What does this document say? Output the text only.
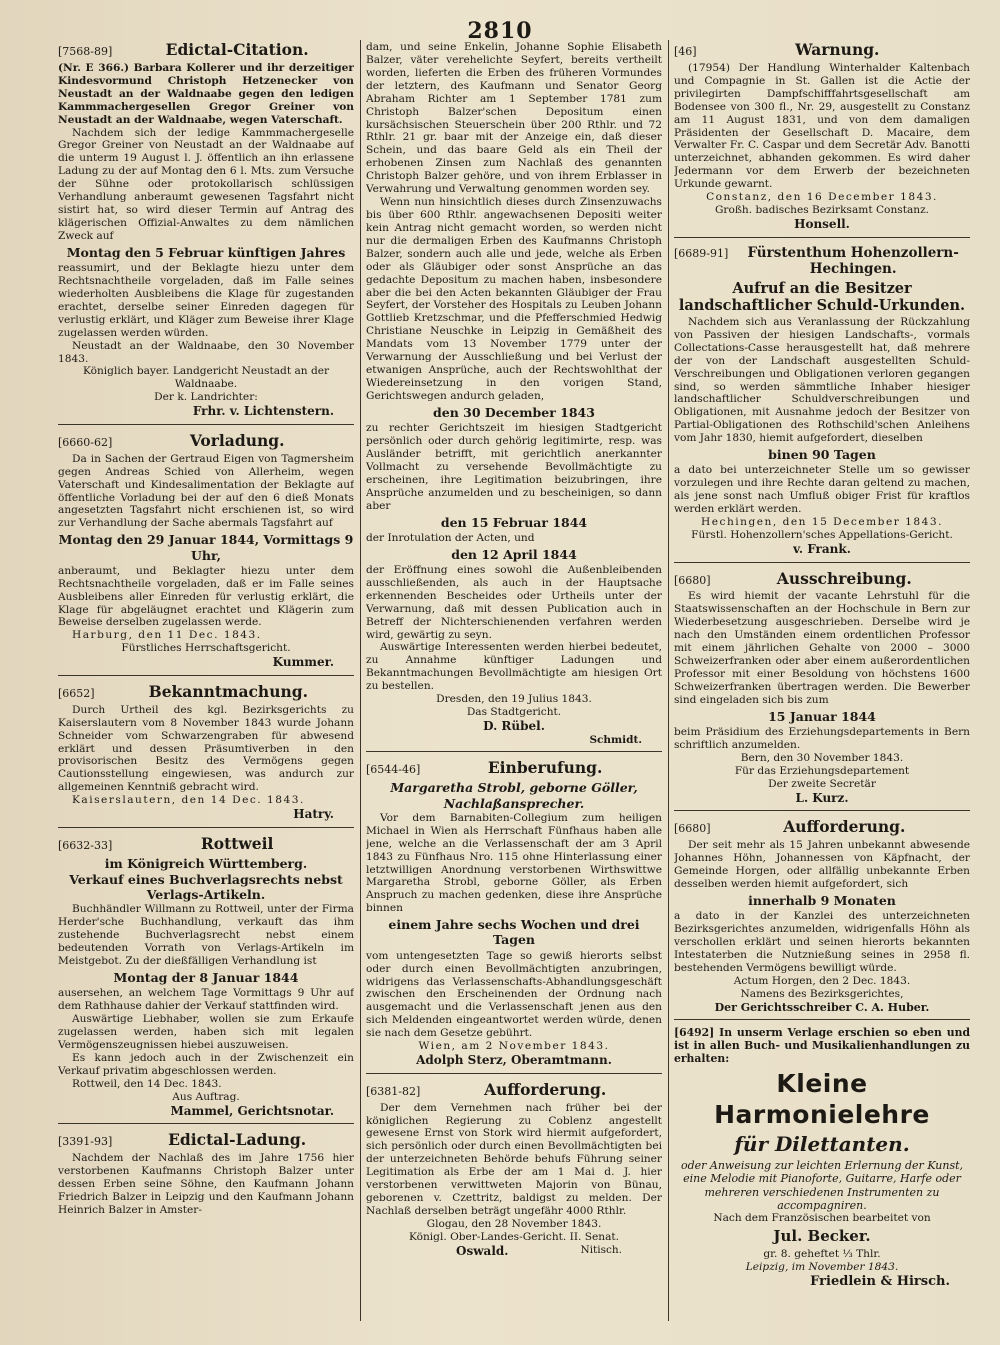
2810
[7568-89]	Edictal-Citation.

(Nr. E 366.) Barbara Kollerer und ihr derzeitiger Kindesvormund Christoph Hetzenecker von Neustadt an der Waldnaabe gegen den ledigen Kammmachergesellen Gregor Greiner von Neustadt an der Waldnaabe, wegen Vaterschaft.

Nachdem sich der ledige Kammmachergeselle Gregor Greiner von Neustadt an der Waldnaabe auf die unterm 19 August l. J. öffentlich an ihn erlassene Ladung zu der auf Montag den 6 l. Mts. zum Versuche der Sühne oder protokollarisch schlüssigen Verhandlung anberaumt gewesenen Tagsfahrt nicht sistirt hat, so wird dieser Termin auf Antrag des klägerischen Offizial-Anwaltes zu dem nämlichen Zweck auf

Montag den 5 Februar künftigen Jahres

reassumirt, und der Beklagte hiezu unter dem Rechtsnachtheile vorgeladen, daß im Falle seines wiederholten Ausbleibens die Klage für zugestanden erachtet, derselbe seiner Einreden dagegen für verlustig erklärt, und Kläger zum Beweise ihrer Klage zugelassen werden würden.

Neustadt an der Waldnaabe, den 30 November 1843.

Königlich bayer. Landgericht Neustadt an der Waldnaabe.
Der k. Landrichter:
Frhr. v. Lichtenstern.
[6660-62]	Vorladung.

Da in Sachen der Gertraud Eigen von Tagmersheim gegen Andreas Schied von Allerheim, wegen Vaterschaft und Kindesalimentation der Beklagte auf öffentliche Vorladung bei der auf den 6 dieß Monats angesetzten Tagsfahrt nicht erschienen ist, so wird zur Verhandlung der Sache abermals Tagsfahrt auf

Montag den 29 Januar 1844, Vormittags 9 Uhr,

anberaumt, und Beklagter hiezu unter dem Rechtsnachtheile vorgeladen, daß er im Falle seines Ausbleibens aller Einreden für verlustig erklärt, die Klage für abgeläugnet erachtet und Klägerin zum Beweise derselben zugelassen werde.

Harburg, den 11 Dec. 1843.

Fürstliches Herrschaftsgericht.
Kummer.
[6652]	Bekanntmachung.

Durch Urtheil des kgl. Bezirksgerichts zu Kaiserslautern vom 8 November 1843 wurde Johann Schneider vom Schwarzengraben für abwesend erklärt und dessen Präsumtiverben in den provisorischen Besitz des Vermögens gegen Cautionsstellung eingewiesen, was andurch zur allgemeinen Kenntniß gebracht wird.

Kaiserslautern, den 14 Dec. 1843.

Hatry.
[6632-33]	Rottweil
im Königreich Württemberg.
Verkauf eines Buchverlagsrechts nebst Verlags-Artikeln.

Buchhändler Willmann zu Rottweil, unter der Firma Herder'sche Buchhandlung, verkauft das ihm zustehende Buchverlagsrecht nebst einem bedeutenden Vorrath von Verlags-Artikeln im Meistgebot. Zu der dießfälligen Verhandlung ist

Montag der 8 Januar 1844

ausersehen, an welchem Tage Vormittags 9 Uhr auf dem Rathhause dahier der Verkauf stattfinden wird.

Auswärtige Liebhaber, wollen sie zum Erkaufe zugelassen werden, haben sich mit legalen Vermögenszeugnissen hiebei auszuweisen.

Es kann jedoch auch in der Zwischenzeit ein Verkauf privatim abgeschlossen werden.

Rottweil, den 14 Dec. 1843.

Aus Auftrag.
Mammel, Gerichtsnotar.
[3391-93]	Edictal-Ladung.

Nachdem der Nachlaß des im Jahre 1756 hier verstorbenen Kaufmanns Christoph Balzer unter dessen Erben seine Söhne, den Kaufmann Johann Friedrich Balzer in Leipzig und den Kaufmann Johann Heinrich Balzer in Amster-

dam, und seine Enkelin, Johanne Sophie Elisabeth Balzer, väter verehelichte Seyfert, bereits vertheilt worden, lieferten die Erben des früheren Vormundes der letztern, des Kaufmann und Senator Georg Abraham Richter am 1 September 1781 zum Christoph Balzer'schen Depositum einen kursächsischen Steuerschein über 200 Rthlr. und 72 Rthlr. 21 gr. baar mit der Anzeige ein, daß dieser Schein, und das baare Geld als ein Theil der erhobenen Zinsen zum Nachlaß des genannten Christoph Balzer gehöre, und von ihrem Erblasser in Verwahrung und Verwaltung genommen worden sey.

Wenn nun hinsichtlich dieses durch Zinsenzuwachs bis über 600 Rthlr. angewachsenen Depositi weiter kein Antrag nicht gemacht worden, so werden nicht nur die dermaligen Erben des Kaufmanns Christoph Balzer, sondern auch alle und jede, welche als Erben oder als Gläubiger oder sonst Ansprüche an das gedachte Depositum zu machen haben, insbesondere aber die bei den Acten bekannten Gläubiger der Frau Seyfert, der Vorsteher des Hospitals zu Leuben Johann Gottlieb Kretzschmar, und die Pfefferschmied Hedwig Christiane Neuschke in Leipzig in Gemäßheit des Mandats vom 13 November 1779 unter der Verwarnung der Ausschließung und bei Verlust der etwanigen Ansprüche, auch der Rechtswohlthat der Wiedereinsetzung in den vorigen Stand, Gerichtswegen andurch geladen,

den 30 December 1843

zu rechter Gerichtszeit im hiesigen Stadtgericht persönlich oder durch gehörig legitimirte, resp. was Ausländer betrifft, mit gerichtlich anerkannter Vollmacht zu versehende Bevollmächtigte zu erscheinen, ihre Legitimation beizubringen, ihre Ansprüche anzumelden und zu bescheinigen, so dann aber

den 15 Februar 1844

der Inrotulation der Acten, und

den 12 April 1844

der Eröffnung eines sowohl die Außenbleibenden ausschließenden, als auch in der Hauptsache erkennenden Bescheides oder Urtheils unter der Verwarnung, daß mit dessen Publication auch in Betreff der Nichterschienenden verfahren werden wird, gewärtig zu seyn.

Auswärtige Interessenten werden hierbei bedeutet, zu Annahme künftiger Ladungen und Bekanntmachungen Bevollmächtigte am hiesigen Ort zu bestellen.

Dresden, den 19 Julius 1843.
Das Stadtgericht.
D. Rübel.
Schmidt.
[6544-46]	Einberufung.
Margaretha Strobl, geborne Göller, Nachlaßansprecher.

Vor dem Barnabiten-Collegium zum heiligen Michael in Wien als Herrschaft Fünfhaus haben alle jene, welche an die Verlassenschaft der am 3 April 1843 zu Fünfhaus Nro. 115 ohne Hinterlassung einer letztwilligen Anordnung verstorbenen Wirthswittwe Margaretha Strobl, geborne Göller, als Erben Anspruch zu machen gedenken, diese ihre Ansprüche binnen

einem Jahre sechs Wochen und drei Tagen

vom untengesetzten Tage so gewiß hierorts selbst oder durch einen Bevollmächtigten anzubringen, widrigens das Verlassenschafts-Abhandlungsgeschäft zwischen den Erscheinenden der Ordnung nach ausgemacht und die Verlassenschaft jenen aus den sich Meldenden eingeantwortet werden würde, denen sie nach dem Gesetze gebührt.

Wien, am 2 November 1843.
Adolph Sterz, Oberamtmann.
[6381-82]	Aufforderung.

Der dem Vernehmen nach früher bei der königlichen Regierung zu Coblenz angestellt gewesene Ernst von Stork wird hiermit aufgefordert, sich persönlich oder durch einen Bevollmächtigten bei der unterzeichneten Behörde behufs Führung seiner Legitimation als Erbe der am 1 Mai d. J. hier verstorbenen verwittweten Majorin von Bünau, geborenen v. Czettritz, baldigst zu melden. Der Nachlaß derselben beträgt ungefähr 4000 Rthlr.

Glogau, den 28 November 1843.
Königl. Ober-Landes-Gericht. II. Senat.
Oswald.	Nitisch.
[46]	Warnung.

(17954) Der Handlung Winterhalder Kaltenbach und Compagnie in St. Gallen ist die Actie der privilegirten Dampfschifffahrtsgesellschaft am Bodensee von 300 fl., Nr. 29, ausgestellt zu Constanz am 11 August 1831, und von dem damaligen Präsidenten der Gesellschaft D. Macaire, dem Verwalter Fr. C. Caspar und dem Secretär Adv. Banotti unterzeichnet, abhanden gekommen. Es wird daher Jedermann vor dem Erwerb der bezeichneten Urkunde gewarnt.

Constanz, den 16 December 1843.
Großh. badisches Bezirksamt Constanz.
Honsell.
[6689-91]	Fürstenthum Hohenzollern-Hechingen.
Aufruf an die Besitzer landschaftlicher Schuld-Urkunden.

Nachdem sich aus Veranlassung der Rückzahlung von Passiven der hiesigen Landschafts-, vormals Collectations-Casse herausgestellt hat, daß mehrere der von der Landschaft ausgestellten Schuld-Verschreibungen und Obligationen verloren gegangen sind, so werden sämmtliche Inhaber hiesiger landschaftlicher Schuldverschreibungen und Obligationen, mit Ausnahme jedoch der Besitzer von Partial-Obligationen des Rothschild'schen Anleihens vom Jahr 1830, hiemit aufgefordert, dieselben

binen 90 Tagen

a dato bei unterzeichneter Stelle um so gewisser vorzulegen und ihre Rechte daran geltend zu machen, als jene sonst nach Umfluß obiger Frist für kraftlos werden erklärt werden.

Hechingen, den 15 December 1843.
Fürstl. Hohenzollern'sches Appellations-Gericht.
v. Frank.
[6680]	Ausschreibung.

Es wird hiemit der vacante Lehrstuhl für die Staatswissenschaften an der Hochschule in Bern zur Wiederbesetzung ausgeschrieben. Derselbe wird je nach den Umständen einem ordentlichen Professor mit einem jährlichen Gehalte von 2000 – 3000 Schweizerfranken oder aber einem außerordentlichen Professor mit einer Besoldung von höchstens 1600 Schweizerfranken übertragen werden. Die Bewerber sind eingeladen sich bis zum

15 Januar 1844

beim Präsidium des Erziehungsdepartements in Bern schriftlich anzumelden.

Bern, den 30 November 1843.
Für das Erziehungsdepartement
Der zweite Secretär
L. Kurz.
[6680]	Aufforderung.

Der seit mehr als 15 Jahren unbekannt abwesende Johannes Höhn, Johannessen von Käpfnacht, der Gemeinde Horgen, oder allfällig unbekannte Erben desselben werden hiemit aufgefordert, sich

innerhalb 9 Monaten

a dato in der Kanzlei des unterzeichneten Bezirksgerichtes anzumelden, widrigenfalls Höhn als verschollen erklärt und seinen hierorts bekannten Intestaterben die Nutznießung seines in 2958 fl. bestehenden Vermögens bewilligt würde.

Actum Horgen, den 2 Dec. 1843.
Namens des Bezirksgerichtes,
Der Gerichtsschreiber C. A. Huber.

[6492] In unserm Verlage erschien so eben und ist in allen Buch- und Musikalienhandlungen zu erhalten:

Kleine Harmonielehre
für Dilettanten.
oder Anweisung zur leichten Erlernung der Kunst, eine Melodie mit Pianoforte, Guitarre, Harfe oder mehreren verschiedenen Instrumenten zu accompagniren.
Nach dem Französischen bearbeitet von
Jul. Becker.
gr. 8. geheftet ⅓ Thlr.
Leipzig, im November 1843.
Friedlein & Hirsch.
